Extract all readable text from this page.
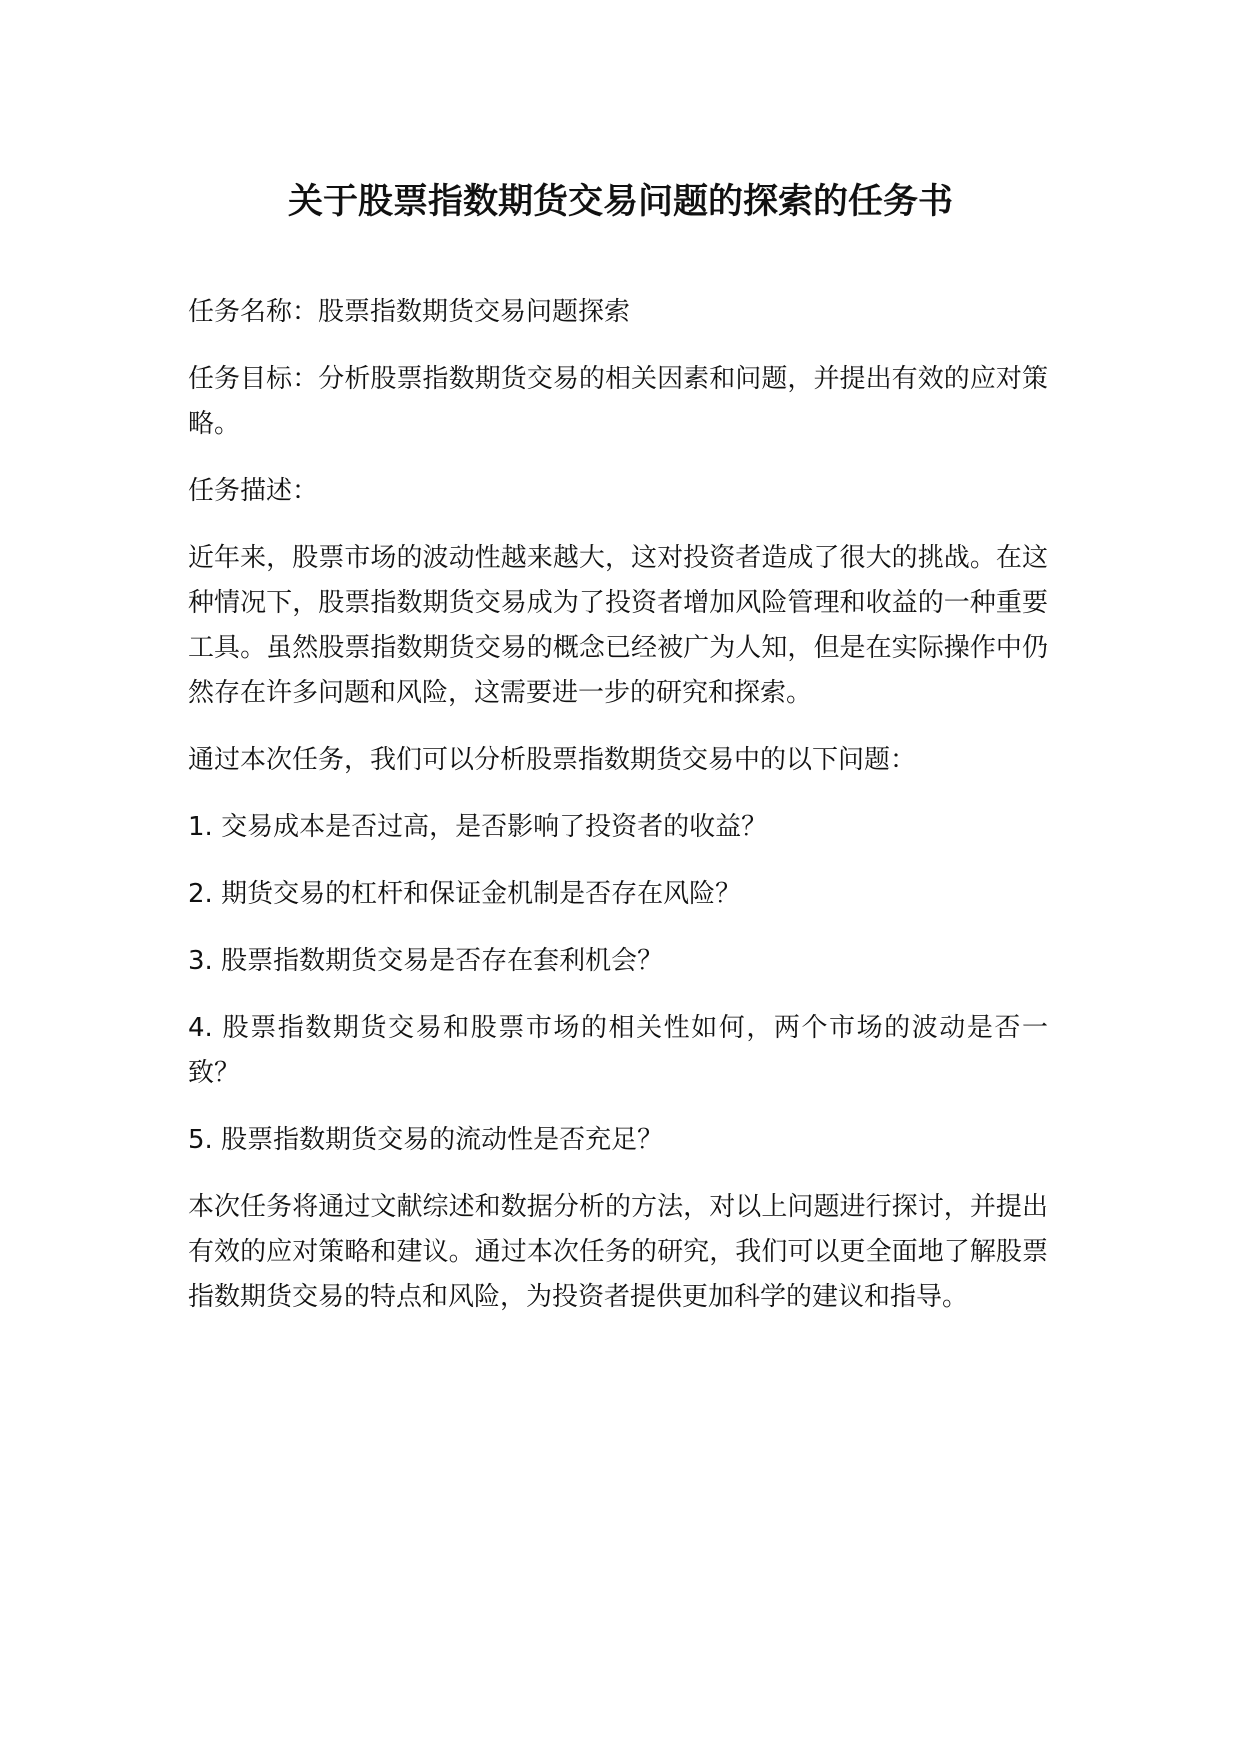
关于股票指数期货交易问题的探索的任务书

任务名称：股票指数期货交易问题探索

任务目标：分析股票指数期货交易的相关因素和问题，并提出有效的应对策略。

任务描述：

近年来，股票市场的波动性越来越大，这对投资者造成了很大的挑战。在这种情况下，股票指数期货交易成为了投资者增加风险管理和收益的一种重要工具。虽然股票指数期货交易的概念已经被广为人知，但是在实际操作中仍然存在许多问题和风险，这需要进一步的研究和探索。

通过本次任务，我们可以分析股票指数期货交易中的以下问题：

1. 交易成本是否过高，是否影响了投资者的收益？

2. 期货交易的杠杆和保证金机制是否存在风险？

3. 股票指数期货交易是否存在套利机会？

4. 股票指数期货交易和股票市场的相关性如何，两个市场的波动是否一致？

5. 股票指数期货交易的流动性是否充足？

本次任务将通过文献综述和数据分析的方法，对以上问题进行探讨，并提出有效的应对策略和建议。通过本次任务的研究，我们可以更全面地了解股票指数期货交易的特点和风险，为投资者提供更加科学的建议和指导。
